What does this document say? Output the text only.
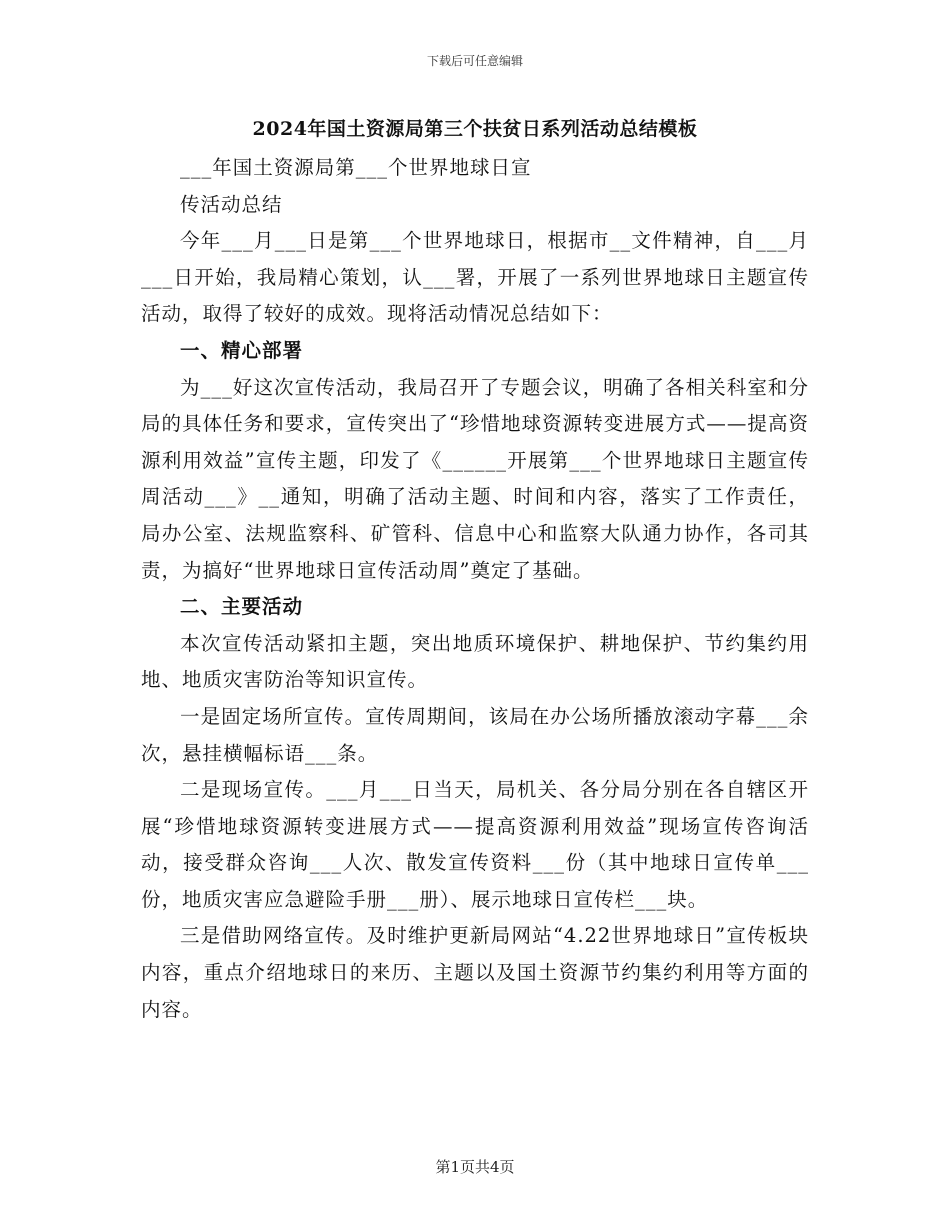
下载后可任意编辑
2024年国土资源局第三个扶贫日系列活动总结模板

___年国土资源局第___个世界地球日宣

传活动总结

今年___月___日是第___个世界地球日，根据市__文件精神，自___月___日开始，我局精心策划，认___署，开展了一系列世界地球日主题宣传活动，取得了较好的成效。现将活动情况总结如下：

一、精心部署

为___好这次宣传活动，我局召开了专题会议，明确了各相关科室和分局的具体任务和要求，宣传突出了“珍惜地球资源转变进展方式——提高资源利用效益”宣传主题，印发了《______开展第___个世界地球日主题宣传周活动___》__通知，明确了活动主题、时间和内容，落实了工作责任，局办公室、法规监察科、矿管科、信息中心和监察大队通力协作，各司其责，为搞好“世界地球日宣传活动周”奠定了基础。

二、主要活动

本次宣传活动紧扣主题，突出地质环境保护、耕地保护、节约集约用地、地质灾害防治等知识宣传。

一是固定场所宣传。宣传周期间，该局在办公场所播放滚动字幕___余次，悬挂横幅标语___条。

二是现场宣传。___月___日当天，局机关、各分局分别在各自辖区开展“珍惜地球资源转变进展方式——提高资源利用效益”现场宣传咨询活动，接受群众咨询___人次、散发宣传资料___份（其中地球日宣传单___份，地质灾害应急避险手册___册）、展示地球日宣传栏___块。

三是借助网络宣传。及时维护更新局网站“4.22世界地球日”宣传板块内容，重点介绍地球日的来历、主题以及国土资源节约集约利用等方面的内容。

第1页共4页
